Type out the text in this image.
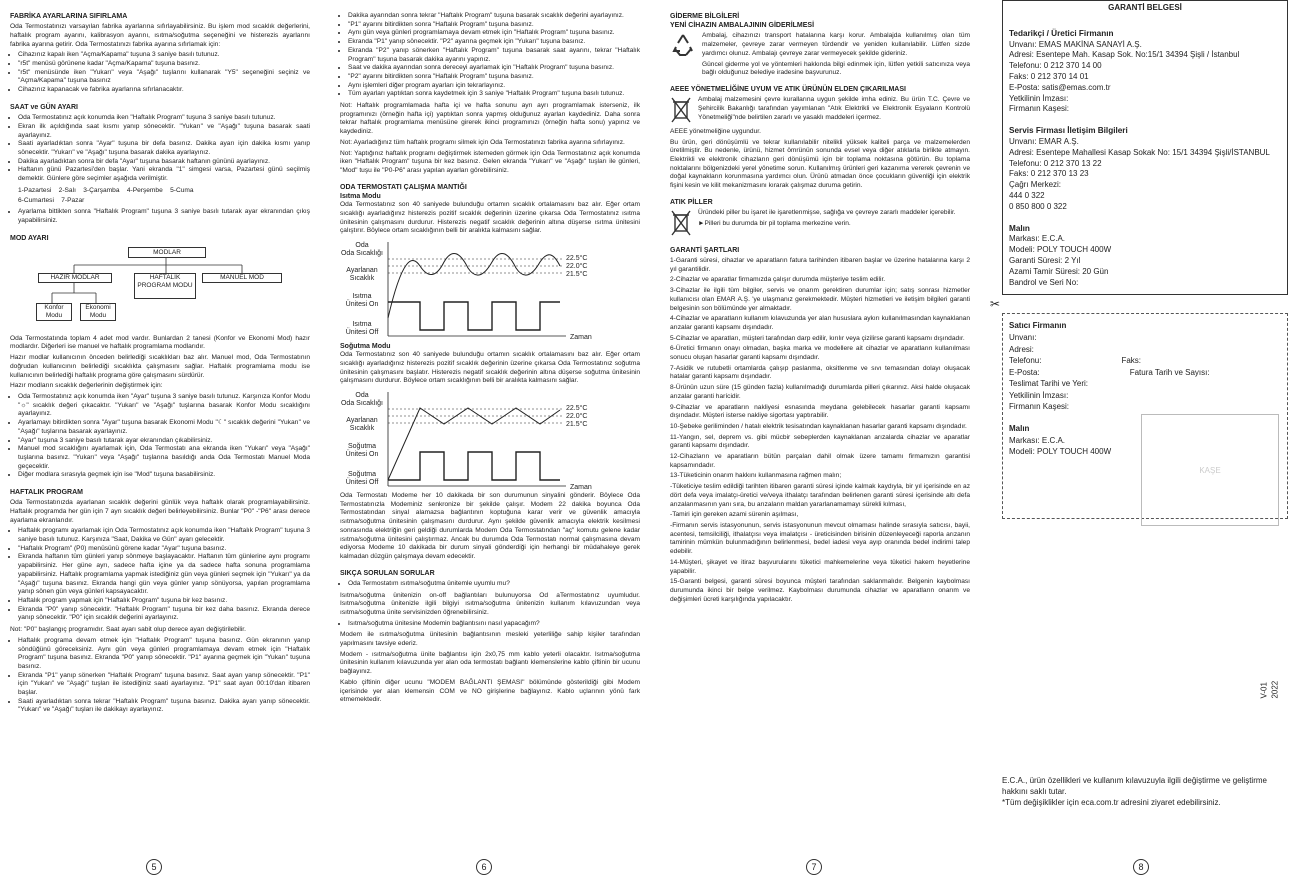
FABRİKA AYARLARINA SIFIRLAMA

Oda Termostatınızı varsayılan fabrika ayarlarına sıfırlayabilirsiniz. Bu işlem mod sıcaklık değerlerini, haftalık program ayarını, kalibrasyon ayarını, ısıtma/soğutma seçeneğini ve histerezis ayarlarını fabrika ayarına getirir. Oda Termostatınızı fabrika ayarına sıfırlamak için:

• Cihazınız kapalı iken "Açma/Kapama" tuşuna 3 saniye basılı tutunuz.
• "r5t" menüsü görünene kadar "Açma/Kapama" tuşuna basınız.
• "r5t" menüsünde iken "Yukarı" veya "Aşağı" tuşlarını kullanarak "Y5" seçeneğini seçiniz ve "Açma/Kapama" tuşuna basınız
• Cihazınız kapanacak ve fabrika ayarlarına sıfırlanacaktır.
SAAT ve GÜN AYARI
• Oda Termostatınız açık konumda iken "Haftalık Program" tuşuna 3 saniye basılı tutunuz.
• Ekran ilk açıldığında saat kısmı yanıp sönecektir. "Yukarı" ve "Aşağı" tuşuna basarak saati ayarlayınız.
• Saati ayarladıktan sonra "Ayar" tuşuna bir defa basınız. Dakika ayarı için dakika kısmı yanıp sönecektir. "Yukarı" ve "Aşağı" tuşuna basarak dakika ayarlayınız.
• Dakika ayarladıktan sonra bir defa "Ayar" tuşuna basarak haftanın gününü ayarlayınız.
• Haftanın günü Pazartesi'den başlar. Yani ekranda "1" simgesi varsa, Pazartesi günü seçilmiş demektir. Günlere göre seçimler aşağıda verilmiştir.

1-Pazartesi    2-Salı    3-Çarşamba    4-Perşembe    5-Cuma

6-Cumartesi    7-Pazar

• Ayarlama bittikten sonra "Haftalık Program" tuşuna 3 saniye basılı tutarak ayar ekranından çıkış yapabilirsiniz.
MOD AYARI
MODLAR
HAZIR MODLAR	HAFTALIK PROGRAM MODU
MANUEL MOD
Konfor Modu
Ekonomi Modu

Oda Termostatında toplam 4 adet mod vardır. Bunlardan 2 tanesi (Konfor ve Ekonomi Mod) hazır modlardır. Diğerleri ise manuel ve haftalık programlama modlarıdır.

Hazır modlar kullanıcının önceden belirlediği sıcaklıkları baz alır. Manuel mod, Oda Termostatının doğrudan kullanıcının belirlediği sıcaklıkta çalışmasını sağlar. Haftalık programlama modu ise kullanıcının belirlediği haftalık programa göre çalışmasını sürdürür.

Hazır modların sıcaklık değerlerinin değiştirmek için:

• Oda Termostatınız açık konumda iken "Ayar" tuşuna 3 saniye basılı tutunuz. Karşınıza Konfor Modu "☼" sıcaklık değeri çıkacaktır. "Yukarı" ve "Aşağı" tuşlarına basarak Konfor Modu sıcaklığını ayarlayınız.
• Ayarlamayı bitirdikten sonra "Ayar" tuşuna basarak Ekonomi Modu "☾" sıcaklık değerini "Yukarı" ve "Aşağı" tuşlarına basarak ayarlayınız.
• "Ayar" tuşuna 3 saniye basılı tutarak ayar ekranından çıkabilirsiniz.
• Manuel mod sıcaklığını ayarlamak için, Oda Termostatı ana ekranda iken "Yukarı" veya "Aşağı" tuşlarına basınız. "Yukarı" veya "Aşağı" tuşlarına basıldığı anda Oda Termostatı Manuel Moda geçecektir.
• Diğer modlara sırasıyla geçmek için ise "Mod" tuşuna basabilirsiniz.
HAFTALIK PROGRAM

Oda Termostatınızda ayarlanan sıcaklık değerini günlük veya haftalık olarak programlayabilirsiniz. Haftalık programda her gün için 7 ayrı sıcaklık değeri belirleyebilirsiniz. Bunlar "P0" -"P6" arası derece ayarlama ekranlarıdır.

• Haftalık programı ayarlamak için Oda Termostatınız açık konumda iken "Haftalık Program" tuşuna 3 saniye basılı tutunuz. Karşınıza "Saat, Dakika ve Gün" ayarı gelecektir.
• "Haftalık Program" (P0) menüsünü görene kadar "Ayar" tuşuna basınız.
• Ekranda haftanın tüm günleri yanıp sönmeye başlayacaktır. Haftanın tüm günlerine aynı programı yapabilirsiniz. Her güne ayrı, sadece hafta içine ya da sadece hafta sonuna programlama yapabilirsiniz. Haftalık programlama yapmak istediğiniz gün veya günleri seçmek için "Yukarı" ya da "Aşağı" tuşuna basınız. Ekranda hangi gün veya günler yanıp sönüyorsa, yapılan programlama yanıp sönen gün veya günleri kapsayacaktır.
• Haftalık program yapmak için "Haftalık Program" tuşuna bir kez basınız.
• Ekranda "P0" yanıp sönecektir. "Haftalık Program" tuşuna bir kez daha basınız. Ekranda derece yanıp sönecektir. "P0" için sıcaklık değerini ayarlayınız.

Not: "P0" başlangıç programıdır. Saat ayarı sabit olup derece ayarı değiştirilebilir.

• Haftalık programa devam etmek için "Haftalık Program" tuşuna basınız. Gün ekranının yanıp söndüğünü göreceksiniz. Aynı gün veya günleri programlamaya devam etmek için "Haftalık Program" tuşuna basınız. Ekranda "P0" yanıp sönecektir. "P1" ayarına geçmek için "Yukarı" tuşuna basınız.
• Ekranda "P1" yanıp sönerken "Haftalık Program" tuşuna basınız. Saat ayarı yanıp sönecektir. "P1" için "Yukarı" ve "Aşağı" tuşları ile istediğiniz saati ayarlayınız. "P1" saat ayarı 00:10'dan itibaren başlar.
• Saati ayarladıktan sonra tekrar "Haftalık Program" tuşuna basınız. Dakika ayarı yanıp sönecektir. "Yukarı" ve "Aşağı" tuşları ile dakikayı ayarlayınız.
5
• Dakika ayarından sonra tekrar "Haftalık Program" tuşuna basarak sıcaklık değerini ayarlayınız.
• "P1" ayarını bitirdikten sonra "Haftalık Program" tuşuna basınız.
• Aynı gün veya günleri programlamaya devam etmek için "Haftalık Program" tuşuna basınız.
• Ekranda "P1" yanıp sönecektir. "P2" ayarına geçmek için "Yukarı" tuşuna basınız.
• Ekranda "P2" yanıp sönerken "Haftalık Program" tuşuna basarak saat ayarını, tekrar "Haftalık Program" tuşuna basarak dakika ayarını yapınız.
• Saat ve dakika ayarından sonra dereceyi ayarlamak için "Haftalık Program" tuşuna basınız.
• "P2" ayarını bitirdikten sonra "Haftalık Program" tuşuna basınız.
• Aynı işlemleri diğer program ayarları için tekrarlayınız.
• Tüm ayarları yaptıktan sonra kaydetmek için 3 saniye "Haftalık Program" tuşuna basılı tutunuz.

Not: Haftalık programlamada hafta içi ve hafta sonunu ayrı ayrı programlamak isterseniz, ilk programınızı (örneğin hafta içi) yaptıktan sonra yapmış olduğunuz ayarları kaydediniz. Daha sonra tekrar haftalık programlama menüsüne girerek ikinci programınızı (örneğin hafta sonu) yapınız ve kaydediniz.

Not: Ayarladığınız tüm haftalık programı silmek için Oda Termostatınızı fabrika ayarına sıfırlayınız.

Not: Yaptığınız haftalık programı değiştirmek istemeden görmek için Oda Termostatınız açık konumda iken "Haftalık Program" tuşuna bir kez basınız. Gelen ekranda "Yukarı" ve "Aşağı" tuşları ile günleri, "Mod" tuşu ile "P0-P6" arası yapılan ayarları görebilirsiniz.

ODA TERMOSTATI ÇALIŞMA MANTIĞI
Isıtma Modu

Oda Termostatınız son 40 saniyede bulunduğu ortamın sıcaklık ortalamasını baz alır. Eğer ortam sıcaklığı ayarladığınız histerezis pozitif sıcaklık değerinin üzerine çıkarsa Oda Termostatınız ısıtma ünitesinin çalışmasını durdurur. Histerezis negatif sıcaklık değerinin altına düşerse ısıtma ünitesini çalıştırır. Böylece ortam sıcaklığının belli bir aralıkta kalmasını sağlar.

Oda
Oda Sıcaklığı
Ayarlanan Sıcaklık
Isıtma Ünitesi On
Isıtma Ünitesi Off
22.5°C
22.0°C
21.5°C
Zaman
Soğutma Modu

Oda Termostatınız son 40 saniyede bulunduğu ortamın sıcaklık ortalamasını baz alır. Eğer ortam sıcaklığı ayarladığınız histerezis pozitif sıcaklık değerinin üzerine çıkarsa Oda Termostatınız soğutma ünitesinin çalışmasını başlatır. Histerezis negatif sıcaklık değerinin altına düşerse soğutma ünitesinin çalışmasını durdurur. Böylece ortam sıcaklığının belli bir aralıkta kalmasını sağlar.

Oda
Oda Sıcaklığı
Ayarlanan Sıcaklık
Soğutma Ünitesi On
Soğutma Ünitesi Off
22.5°C
22.0°C
21.5°C
Zaman

Oda Termostatı Modeme her 10 dakikada bir son durumunun sinyalini gönderir. Böylece Oda Termostatınızla Modeminiz senkronize bir şekilde çalışır. Modem 22 dakika boyunca Oda Termostatından sinyal alamazsa bağlantının koptuğuna karar verir ve güvenlik amacıyla ısıtma/soğutma ünitesinin çalışmasını durdurur. Aynı şekilde güvenlik amacıyla elektrik kesilmesi sonrasında elektriğin geri geldiği durumlarda Modem Oda Termostatından "aç" komutu gelene kadar ısıtma/soğutma ünitesini çalıştırmaz. Ancak bu durumda Oda Termostatı normal çalışmasına devam ediyorsa Modeme 10 dakikada bir durum sinyali gönderdiği için herhangi bir müdahaleye gerek kalmadan düzgün çalışmaya devam edecektir.

SIKÇA SORULAN SORULAR
• Oda Termostatım ısıtma/soğutma ünitemle uyumlu mu?

Isıtma/soğutma ünitenizin on-off bağlantıları bulunuyorsa Od aTermostatınız uyumludur. Isıtma/soğutma ünitenizle ilgili bilgiyi ısıtma/soğutma ünitenizin kullanım kılavuzundan veya ısıtma/soğutma ünite servisinizden öğrenebilirsiniz.

• Isıtma/soğutma ünitesine Modemin bağlantısını nasıl yapacağım?

Modem ile ısıtma/soğutma ünitesinin bağlantısının mesleki yeterliliğe sahip kişiler tarafından yapılmasını tavsiye ederiz.

Modem - ısıtma/soğutma ünite bağlantısı için 2x0,75 mm kablo yeterli olacaktır. Isıtma/soğutma ünitesinin kullanım kılavuzunda yer alan oda termostatı bağlantı klemenslerine kablo çiftinin bir ucunu bağlayınız.

Kablo çiftinin diğer ucunu "MODEM BAĞLANTI ŞEMASI" bölümünde gösterildiği gibi Modem içerisinde yer alan klemensin COM ve NO girişlerine bağlayınız. Kablo uçlarının yönü fark etmemektedir.

6
GİDERME BİLGİLERİ
YENİ CİHAZIN AMBALAJININ GİDERİLMESİ

Ambalaj, cihazınızı transport hatalarına karşı korur. Ambalajda kullanılmış olan tüm malzemeler, çevreye zarar vermeyen türdendir ve yeniden kullanılabilir. Lütfen sizde yardımcı olunuz. Ambalajı çevreye zarar vermeyecek şekilde gideriniz.

Güncel giderme yol ve yöntemleri hakkında bilgi edinmek için, lütfen yetkili satıcınıza veya bağlı olduğunuz belediye iradesine başvurunuz.

AEEE YÖNETMELİĞİNE UYUM VE ATIK ÜRÜNÜN ELDEN ÇIKARILMASI

Ambalaj malzemesini çevre kurallarına uygun şekilde imha ediniz. Bu ürün T.C. Çevre ve Şehircilik Bakanlığı tarafından yayımlanan "Atık Elektrikli ve Elektronik Eşyaların Kontrolü Yönetmeliği"nde belirtilen zararlı ve yasaklı maddeleri içermez.

AEEE yönetmeliğine uygundur.

Bu ürün, geri dönüşümlü ve tekrar kullanılabilir nitelikli yüksek kaliteli parça ve malzemelerden üretilmiştir. Bu nedenle, ürünü, hizmet ömrünün sonunda evsel veya diğer atıklarla birlikte atmayın. Elektrikli ve elektronik cihazların geri dönüşümü için bir toplama noktasına götürün. Bu toplama noktalarını bölgenizdeki yerel yönetime sorun. Kullanılmış ürünleri geri kazanıma vererek çevrenin ve doğal kaynakların korunmasına yardımcı olun. Ürünü atmadan önce çocukların güvenliği için elektrik fişini kesin ve kilit mekanizmasını kırarak çalışmaz duruma getirin.

ATIK PİLLER

Üründeki piller bu işaret ile işaretlenmişse, sağlığa ve çevreye zararlı maddeler içerebilir.

►Pilleri bu durumda bir pil toplama merkezine verin.

GARANTİ ŞARTLARI

1-Garanti süresi, cihazlar ve aparatların fatura tarihinden itibaren başlar ve üzerine hatalarına karşı 2 yıl garantilidir.

2-Cihazlar ve aparatlar firmamızda çalışır durumda müşteriye teslim edilir.

3-Cihazlar ile ilgili tüm bilgiler, servis ve onarım gerektiren durumlar için; satış sonrası hizmetler kullanıcısı olan EMAR A.Ş. 'ye ulaşmanız gerekmektedir. Müşteri hizmetleri ve iletişim bilgileri garanti belgesinin son bölümünde yer almaktadır.

4-Cihazlar ve aparatların kullanım kılavuzunda yer alan hususlara aykırı kullanılmasından kaynaklanan arızalar garanti kapsamı dışındadır.

5-Cihazlar ve aparatları, müşteri tarafından darp edilir, kırılır veya çizilirse garanti kapsamı dışındadır.

6-Üretici firmanın onayı olmadan, başka marka ve modellere ait cihazlar ve aparatların kullanılması sonucu oluşan hasarlar garanti kapsamı dışındadır.

7-Asidik ve rutubetli ortamlarda çalışıp paslanma, oksitlenme ve sıvı temasından dolayı oluşacak hatalar garanti kapsamı dışındadır.

8-Ürünün uzun süre (15 günden fazla) kullanılmadığı durumlarda pilleri çıkarınız. Aksi halde oluşacak arızalar garanti harícidir.

9-Cihazlar ve aparatların nakliyesi esnasında meydana gelebilecek hasarlar garanti kapsamı dışındadır. Müşteri isterse nakliye sigortası yaptırabilir.

10-Şebeke geriliminden / hatalı elektrik tesisatından kaynaklanan hasarlar garanti kapsamı dışındadır.

11-Yangın, sel, deprem vs. gibi mücbir sebeplerden kaynaklanan arızalarda cihazlar ve aparatlar garanti kapsamı dışındadır.

12-Cihazların ve aparatların bütün parçaları dahil olmak üzere tamamı firmamızın garantisi kapsamındadır.

13-Tüketicinin onarım hakkını kullanmasına rağmen malın;

-Tüketiciye teslim edildiği tarihten itibaren garanti süresi içinde kalmak kaydıyla, bir yıl içerisinde en az dört defa veya imalatçı-üretici ve/veya ithalatçı tarafından belirlenen garanti süresi içerisinde altı defa arızalanmasının yanı sıra, bu arızaların maldan yararlanamamayı sürekli kılması,

-Tamiri için gereken azami sürenin aşılması,

-Firmanın servis istasyonunun, servis istasyonunun mevcut olmaması halinde sırasıyla satıcısı, bayii, acentesi, temsilciliği, ithalatçısı veya imalatçısı - üreticisinden birisinin düzenleyeceği raporla arızanın tamirinin mümkün bulunmadığının belirlenmesi, bedel iadesi veya ayıp oranında bedel indirimi talep edebilir.

14-Müşteri, şikayet ve itiraz başvurularını tüketici mahkemelerine veya tüketici hakem heyetlerine yapabilir.

15-Garanti belgesi, garanti süresi boyunca müşteri tarafından saklanmalıdır. Belgenin kaybolması durumunda ikinci bir belge verilmez. Kaybolması durumunda cihazlar ve aparatların onarım ve değişimleri ücreti karşılığında yapılacaktır.

7
GARANTİ BELGESİ
Tedarikçi / Üretici Firmanın
Unvanı: EMAS MAKİNA SANAYİ A.Ş.
Adresi: Esentepe Mah. Kasap Sok. No:15/1 34394 Şişli / İstanbul
Telefonu: 0 212 370 14 00
Faks: 0 212 370 14 01
E-Posta: satis@emas.com.tr
Yetkilinin İmzası:
Firmanın Kaşesi:
Servis Firması İletişim Bilgileri
Unvanı: EMAR A.Ş.
Adresi: Esentepe Mahallesi Kasap Sokak No: 15/1 34394 Şişli/İSTANBUL
Telefonu: 0 212 370 13 22
Faks: 0 212 370 13 23
Çağrı Merkezi:
444 0 322
0 850 800 0 322
Malın
Markası: E.C.A.
Modeli: POLY TOUCH 400W
Garanti Süresi: 2 Yıl
Azami Tamir Süresi: 20 Gün
Bandrol ve Seri No:
✂
Satıcı Firmanın
Unvanı:
Adresi:
Telefonu:	Faks:
E-Posta:	Fatura Tarih ve Sayısı:
Teslimat Tarihi ve Yeri:
Yetkilinin İmzası:
Firmanın Kaşesi:
Malın
Markası: E.C.A.
Modeli: POLY TOUCH 400W
KAŞE
V-01 2022
E.C.A., ürün özellikleri ve kullanım kılavuzuyla ilgili değiştirme ve geliştirme hakkını saklı tutar.
*Tüm değişiklikler için eca.com.tr adresini ziyaret edebilirsiniz.
8
